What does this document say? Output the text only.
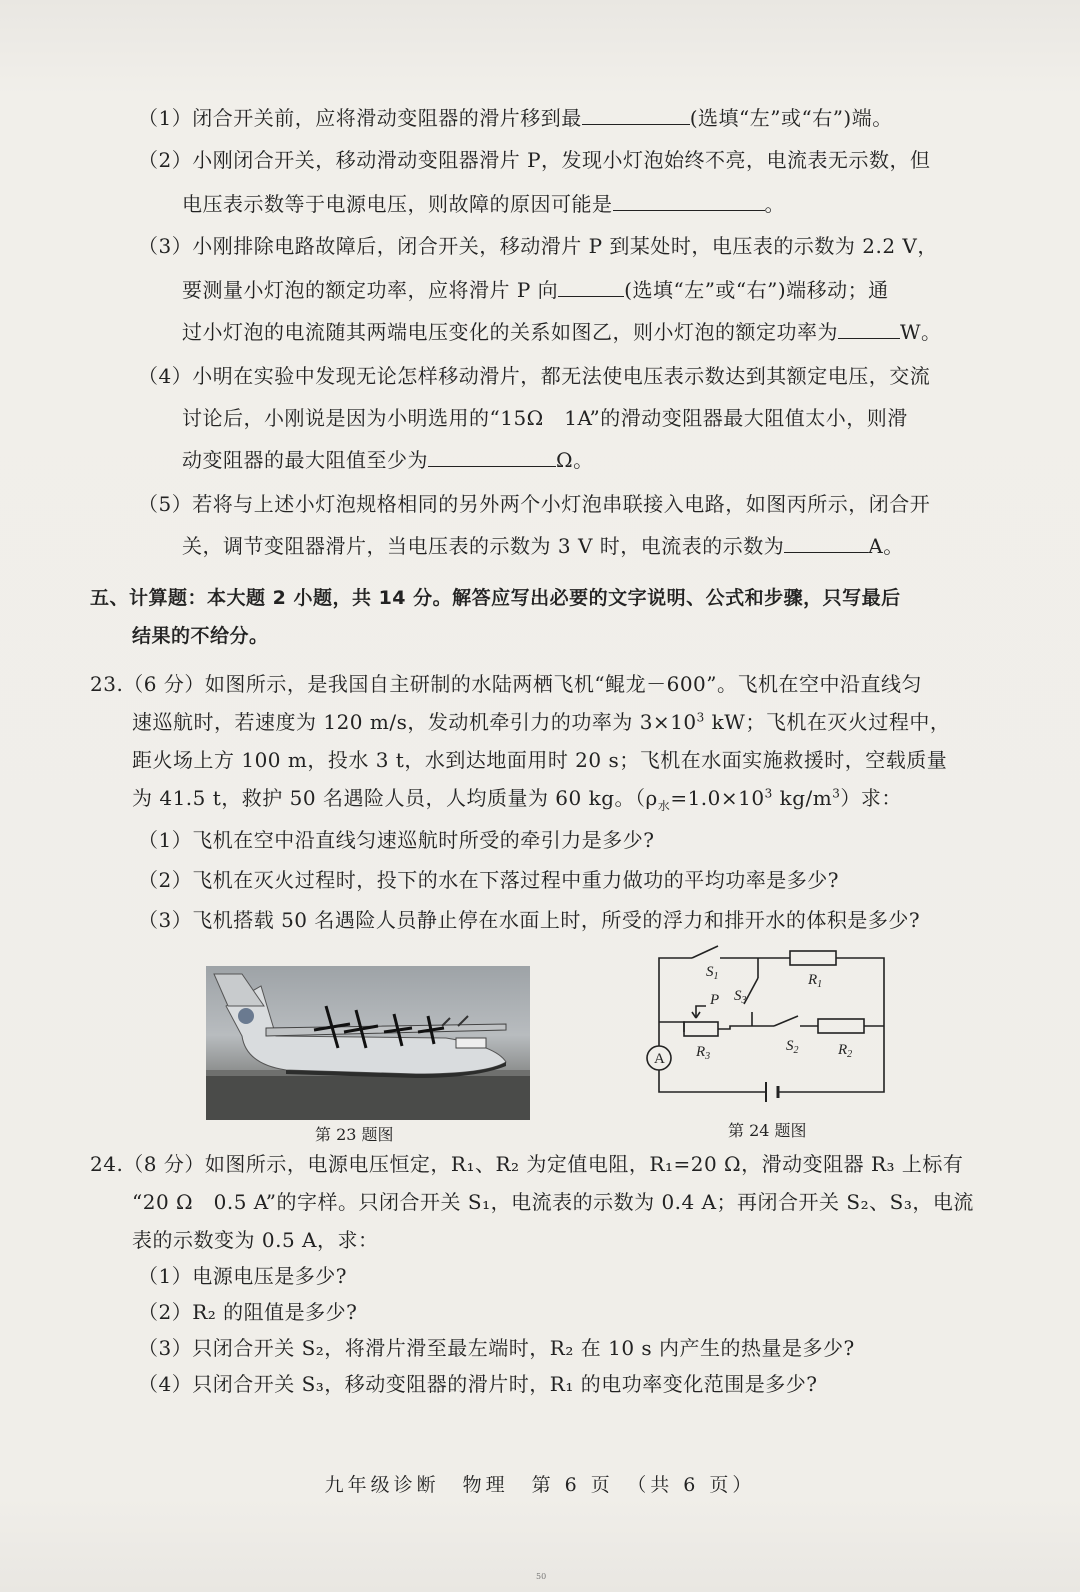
（1）闭合开关前，应将滑动变阻器的滑片移到最	(选填“左”或“右”)端。
（2）小刚闭合开关，移动滑动变阻器滑片 P，发现小灯泡始终不亮，电流表无示数，但
电压表示数等于电源电压，则故障的原因可能是	。
（3）小刚排除电路故障后，闭合开关，移动滑片 P 到某处时，电压表的示数为 2.2 V，
要测量小灯泡的额定功率，应将滑片 P 向	(选填“左”或“右”)端移动；通
过小灯泡的电流随其两端电压变化的关系如图乙，则小灯泡的额定功率为	W。
（4）小明在实验中发现无论怎样移动滑片，都无法使电压表示数达到其额定电压，交流
讨论后，小刚说是因为小明选用的“15Ω　1A”的滑动变阻器最大阻值太小，则滑
动变阻器的最大阻值至少为	Ω。
（5）若将与上述小灯泡规格相同的另外两个小灯泡串联接入电路，如图丙所示，闭合开
关，调节变阻器滑片，当电压表的示数为 3 V 时，电流表的示数为	A。
五、计算题：本大题 2 小题，共 14 分。解答应写出必要的文字说明、公式和步骤，只写最后
结果的不给分。
23.（6 分）如图所示，是我国自主研制的水陆两栖飞机“鲲龙－600”。飞机在空中沿直线匀
速巡航时，若速度为 120 m/s，发动机牵引力的功率为 $3\times 10^3$ kW；飞机在灭火过程中，
距火场上方 100 m，投水 3 t，水到达地面用时 20 s；飞机在水面实施救援时，空载质量
为 41.5 t，救护 50 名遇险人员，人均质量为 60 kg。（$\rho_水=1.0\times 10^3$ $kg/m^3$）求：
（1）飞机在空中沿直线匀速巡航时所受的牵引力是多少?
（2）飞机在灭火过程时，投下的水在下落过程中重力做功的平均功率是多少?
（3）飞机搭载 50 名遇险人员静止停在水面上时，所受的浮力和排开水的体积是多少?
第 23 题图
A
$S_1$
$S_3$
$R_1$
P
$R_3$
$S_2$	$R_2$
第 24 题图
24.（8 分）如图所示，电源电压恒定，R₁、R₂ 为定值电阻，R₁=20 Ω，滑动变阻器 R₃ 上标有
“20 Ω　0.5 A”的字样。只闭合开关 S₁，电流表的示数为 0.4 A；再闭合开关 S₂、S₃，电流
表的示数变为 0.5 A，求：
（1）电源电压是多少?
（2）R₂ 的阻值是多少?
（3）只闭合开关 S₂，将滑片滑至最左端时，R₂ 在 10 s 内产生的热量是多少?
（4）只闭合开关 S₃，移动变阻器的滑片时，R₁ 的电功率变化范围是多少?
九年级诊断　物理　第 6 页　（共 6 页）
50
